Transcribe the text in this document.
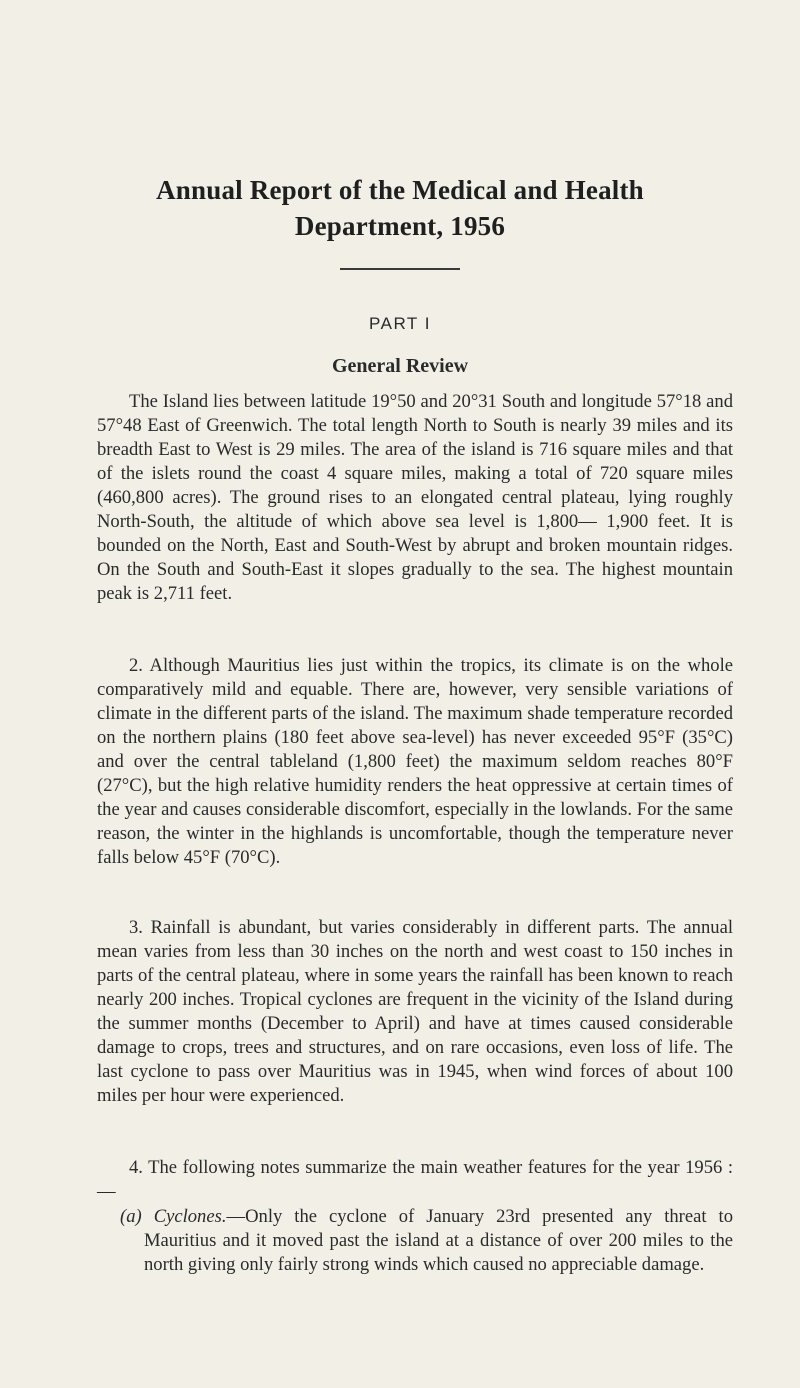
Annual Report of the Medical and Health
Department, 1956
PART I
General Review

The Island lies between latitude 19°50 and 20°31 South and longitude 57°18 and 57°48 East of Greenwich. The total length North to South is nearly 39 miles and its breadth East to West is 29 miles. The area of the island is 716 square miles and that of the islets round the coast 4 square miles, making a total of 720 square miles (460,800 acres). The ground rises to an elongated central plateau, lying roughly North-South, the altitude of which above sea level is 1,800— 1,900 feet. It is bounded on the North, East and South-West by abrupt and broken mountain ridges. On the South and South-East it slopes gradually to the sea. The highest mountain peak is 2,711 feet.

2. Although Mauritius lies just within the tropics, its climate is on the whole comparatively mild and equable. There are, however, very sensible variations of climate in the different parts of the island. The maximum shade temperature recorded on the northern plains (180 feet above sea-level) has never exceeded 95°F (35°C) and over the central tableland (1,800 feet) the maximum seldom reaches 80°F (27°C), but the high relative humidity renders the heat oppressive at certain times of the year and causes considerable discomfort, especially in the lowlands. For the same reason, the winter in the highlands is uncomfortable, though the temperature never falls below 45°F (70°C).

3. Rainfall is abundant, but varies considerably in different parts. The annual mean varies from less than 30 inches on the north and west coast to 150 inches in parts of the central plateau, where in some years the rainfall has been known to reach nearly 200 inches. Tropical cyclones are frequent in the vicinity of the Island during the summer months (December to April) and have at times caused considerable damage to crops, trees and structures, and on rare occasions, even loss of life. The last cyclone to pass over Mauritius was in 1945, when wind forces of about 100 miles per hour were experienced.

4. The following notes summarize the main weather features for the year 1956 :—

(a) Cyclones.—Only the cyclone of January 23rd presented any threat to Mauritius and it moved past the island at a distance of over 200 miles to the north giving only fairly strong winds which caused no appreciable damage.
